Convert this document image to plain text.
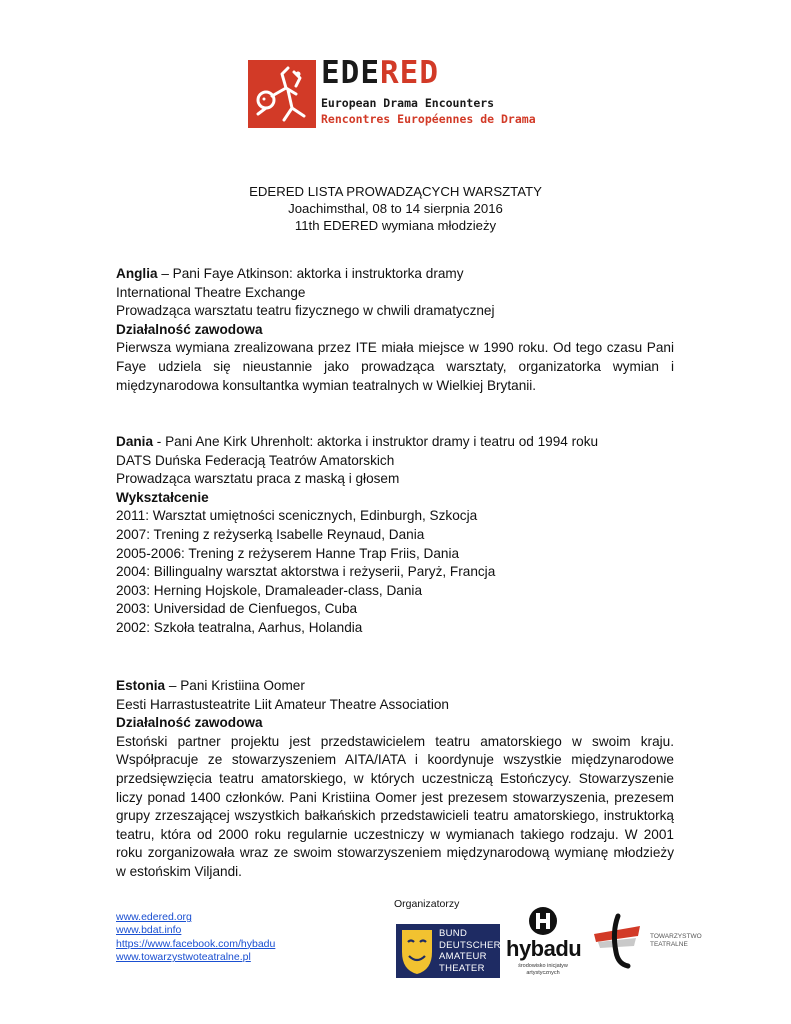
EDERED
European Drama Encounters
Rencontres Européennes de Drama
EDERED LISTA PROWADZĄCYCH WARSZTATY
Joachimsthal, 08 to 14 sierpnia 2016
11th EDERED wymiana młodzieży
Anglia – Pani Faye Atkinson: aktorka i instruktorka dramy
International Theatre Exchange
Prowadząca warsztatu teatru fizycznego w chwili dramatycznej
Działalność zawodowa
Pierwsza wymiana zrealizowana przez ITE miała miejsce w 1990 roku. Od tego czasu Pani Faye udziela się nieustannie jako prowadząca warsztaty, organizatorka wymian i międzynarodowa konsultantka wymian teatralnych w Wielkiej Brytanii.
Dania - Pani Ane Kirk Uhrenholt: aktorka i instruktor dramy i teatru od 1994 roku
DATS Duńska Federacją Teatrów Amatorskich
Prowadząca warsztatu praca z maską i głosem
Wykształcenie
2011: Warsztat umiętności scenicznych, Edinburgh, Szkocja
2007: Trening z reżyserką Isabelle Reynaud, Dania
2005-2006: Trening z reżyserem Hanne Trap Friis, Dania
2004: Billingualny warsztat aktorstwa i reżyserii, Paryż, Francja
2003: Herning Hojskole, Dramaleader-class, Dania
2003: Universidad de Cienfuegos, Cuba
2002: Szkoła teatralna, Aarhus, Holandia
Estonia – Pani Kristiina Oomer
Eesti Harrastusteatrite Liit Amateur Theatre Association
Działalność zawodowa
Estoński partner projektu jest przedstawicielem teatru amatorskiego w swoim kraju. Współpracuje ze stowarzyszeniem AITA/IATA i koordynuje wszystkie międzynarodowe przedsięwzięcia teatru amatorskiego, w których uczestniczą Estończycy. Stowarzyszenie liczy ponad 1400 członków. Pani Kristiina Oomer jest prezesem stowarzyszenia, prezesem grupy zrzeszającej wszystkich bałkańskich przedstawicieli teatru amatorskiego, instruktorką teatru, która od 2000 roku regularnie uczestniczy w wymianach takiego rodzaju. W 2001 roku zorganizowała wraz ze swoim stowarzyszeniem międzynarodową wymianę młodzieży w estońskim Viljandi.
www.edered.org
www.bdat.info
https://www.facebook.com/hybadu
www.towarzystwoteatralne.pl
Organizatorzy
BUND
DEUTSCHER
AMATEUR
THEATER
hybadu
środowisko inicjatyw artystycznych
TOWARZYSTWO
TEATRALNE
